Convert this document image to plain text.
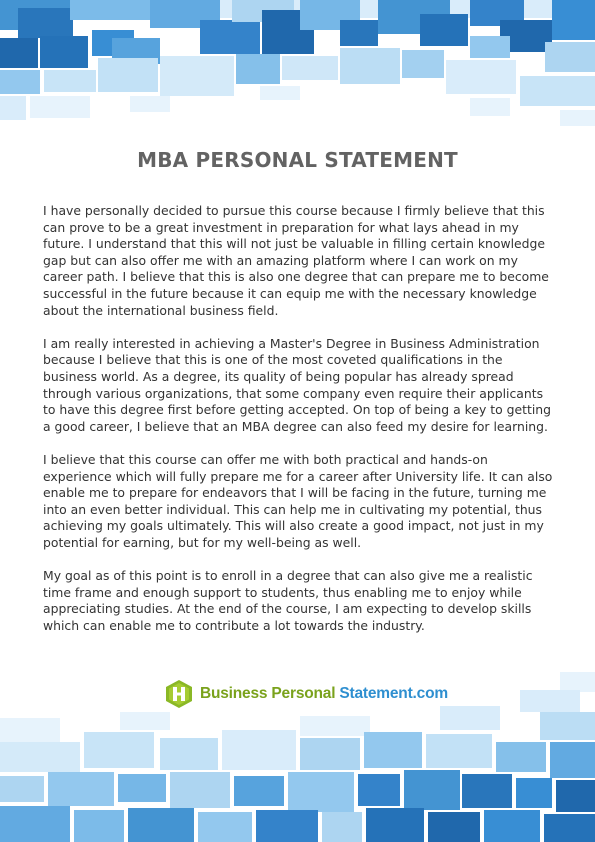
MBA PERSONAL STATEMENT

I have personally decided to pursue this course because I firmly believe that this can prove to be a great investment in preparation for what lays ahead in my future. I understand that this will not just be valuable in filling certain knowledge gap but can also offer me with an amazing platform where I can work on my career path. I believe that this is also one degree that can prepare me to become successful in the future because it can equip me with the necessary knowledge about the international business field.

I am really interested in achieving a Master's Degree in Business Administration because I believe that this is one of the most coveted qualifications in the business world. As a degree, its quality of being popular has already spread through various organizations, that some company even require their applicants to have this degree first before getting accepted. On top of being a key to getting a good career, I believe that an MBA degree can also feed my desire for learning.

I believe that this course can offer me with both practical and hands-on experience which will fully prepare me for a career after University life. It can also enable me to prepare for endeavors that I will be facing in the future, turning me into an even better individual. This can help me in cultivating my potential, thus achieving my goals ultimately. This will also create a good impact, not just in my potential for earning, but for my well-being as well.

My goal as of this point is to enroll in a degree that can also give me a realistic time frame and enough support to students, thus enabling me to enjoy while appreciating studies. At the end of the course, I am expecting to develop skills which can enable me to contribute a lot towards the industry.

Business Personal Statement.com
